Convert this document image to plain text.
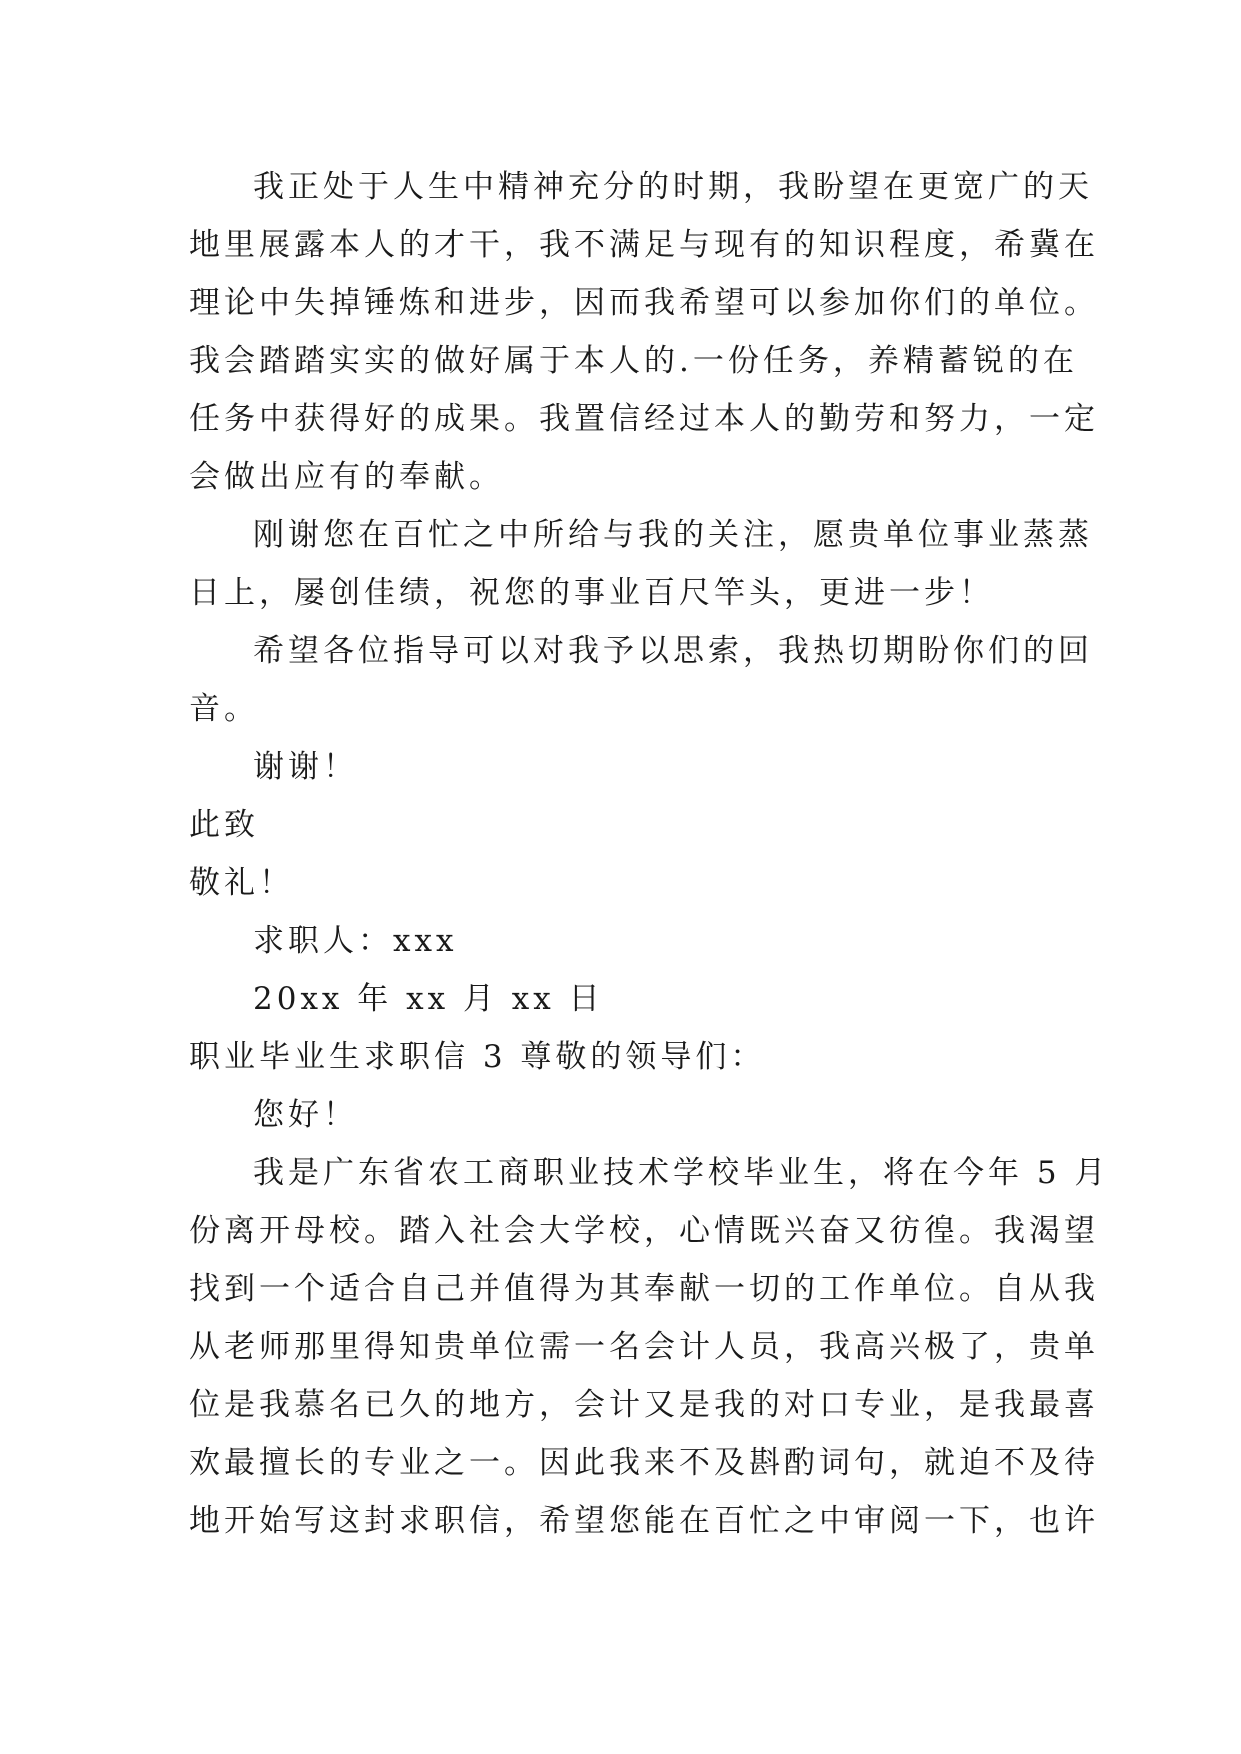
我正处于人生中精神充分的时期，我盼望在更宽广的天
地里展露本人的才干，我不满足与现有的知识程度，希冀在
理论中失掉锤炼和进步，因而我希望可以参加你们的单位。
我会踏踏实实的做好属于本人的.一份任务，养精蓄锐的在
任务中获得好的成果。我置信经过本人的勤劳和努力，一定
会做出应有的奉献。
刚谢您在百忙之中所给与我的关注，愿贵单位事业蒸蒸
日上，屡创佳绩，祝您的事业百尺竿头，更进一步！
希望各位指导可以对我予以思索，我热切期盼你们的回
音。
谢谢！
此致
敬礼！
求职人：xxx
20xx 年 xx 月 xx 日
职业毕业生求职信 3 尊敬的领导们：
您好！
我是广东省农工商职业技术学校毕业生，将在今年 5 月
份离开母校。踏入社会大学校，心情既兴奋又彷徨。我渴望
找到一个适合自己并值得为其奉献一切的工作单位。自从我
从老师那里得知贵单位需一名会计人员，我高兴极了，贵单
位是我慕名已久的地方，会计又是我的对口专业，是我最喜
欢最擅长的专业之一。因此我来不及斟酌词句，就迫不及待
地开始写这封求职信，希望您能在百忙之中审阅一下，也许
